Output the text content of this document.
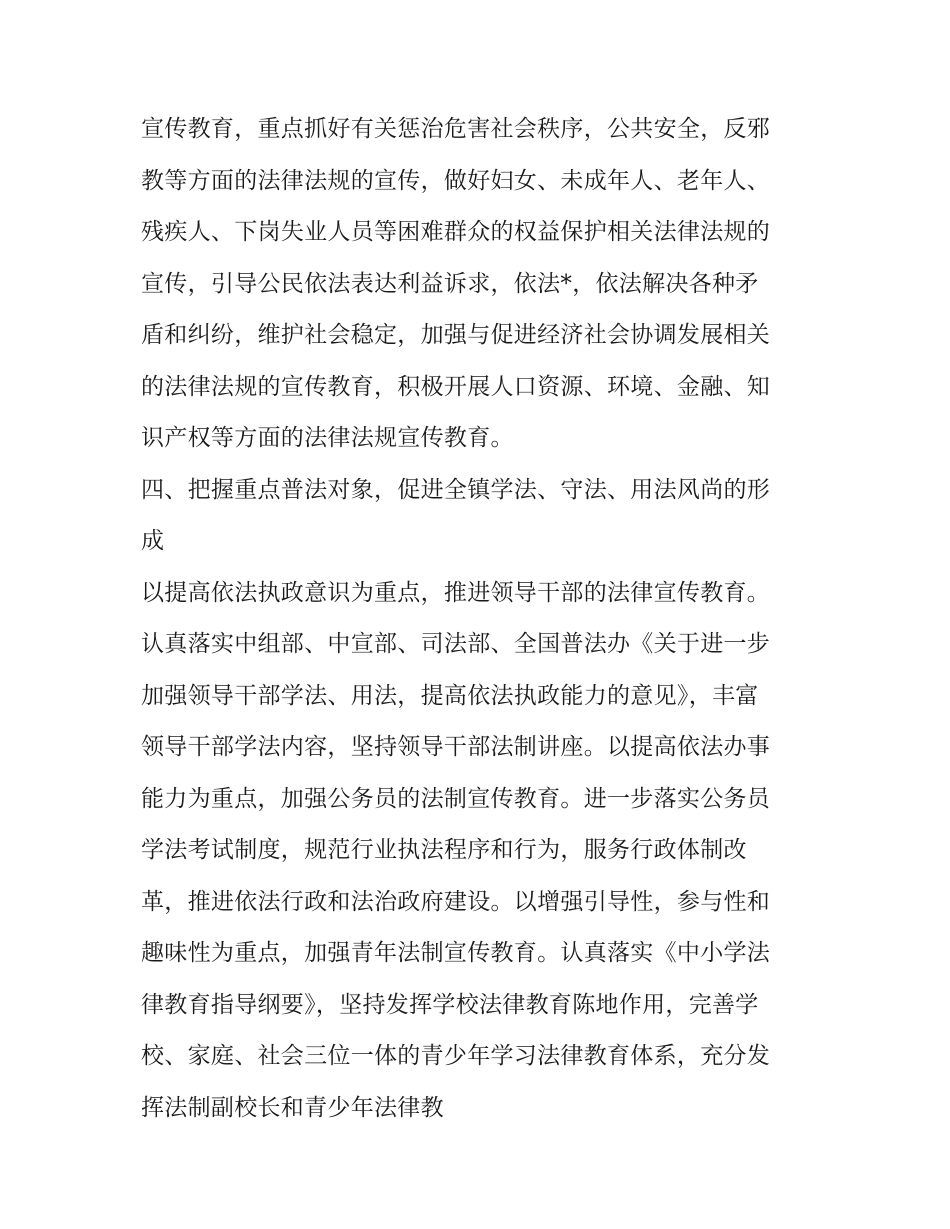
宣传教育，重点抓好有关惩治危害社会秩序，公共安全，反邪
教等方面的法律法规的宣传，做好妇女、未成年人、老年人、
残疾人、下岗失业人员等困难群众的权益保护相关法律法规的
宣传，引导公民依法表达利益诉求，依法*，依法解决各种矛
盾和纠纷，维护社会稳定，加强与促进经济社会协调发展相关
的法律法规的宣传教育，积极开展人口资源、环境、金融、知
识产权等方面的法律法规宣传教育。
四、把握重点普法对象，促进全镇学法、守法、用法风尚的形
成
以提高依法执政意识为重点，推进领导干部的法律宣传教育。
认真落实中组部、中宣部、司法部、全国普法办《关于进一步
加强领导干部学法、用法，提高依法执政能力的意见》，丰富
领导干部学法内容，坚持领导干部法制讲座。以提高依法办事
能力为重点，加强公务员的法制宣传教育。进一步落实公务员
学法考试制度，规范行业执法程序和行为，服务行政体制改
革，推进依法行政和法治政府建设。以增强引导性，参与性和
趣味性为重点，加强青年法制宣传教育。认真落实《中小学法
律教育指导纲要》，坚持发挥学校法律教育陈地作用，完善学
校、家庭、社会三位一体的青少年学习法律教育体系，充分发
挥法制副校长和青少年法律教
